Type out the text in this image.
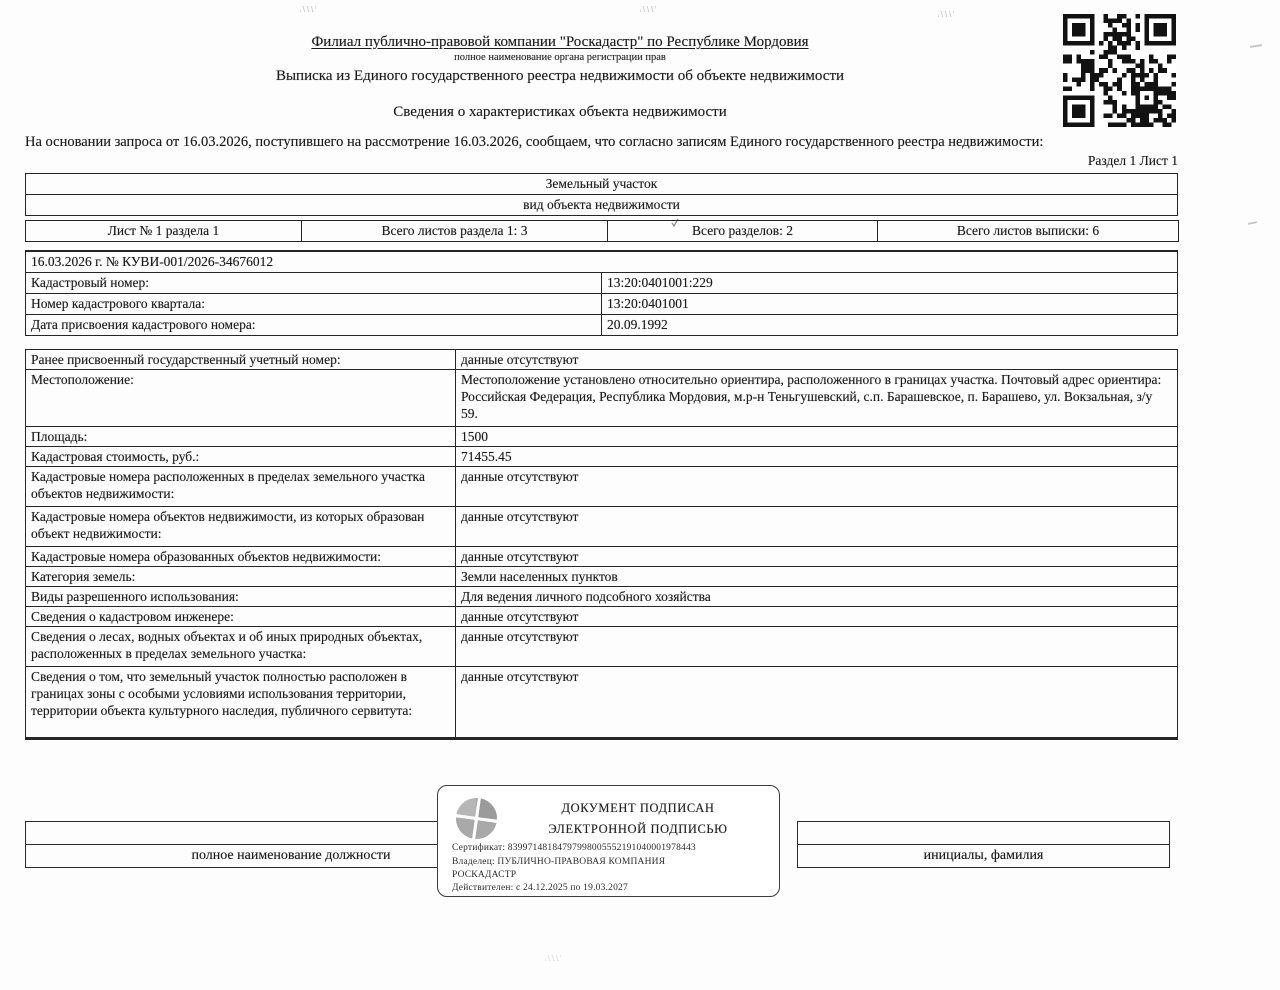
Филиал публично-правовой компании "Роскадастр" по Республике Мордовия
полное наименование органа регистрации прав
Выписка из Единого государственного реестра недвижимости об объекте недвижимости
Сведения о характеристиках объекта недвижимости
На основании запроса от 16.03.2026, поступившего на рассмотрение 16.03.2026, сообщаем, что согласно записям Единого государственного реестра недвижимости:
Раздел 1 Лист 1
Земельный участок
вид объекта недвижимости
Лист № 1 раздела 1	Всего листов раздела 1: 3	Всего разделов: 2	Всего листов выписки: 6
16.03.2026 г. № КУВИ-001/2026-34676012	
Кадастровый номер:	13:20:0401001:229
Номер кадастрового квартала:	13:20:0401001
Дата присвоения кадастрового номера:	20.09.1992
Ранее присвоенный государственный учетный номер:	данные отсутствуют
Местоположение:	Местоположение установлено относительно ориентира, расположенного в границах участка. Почтовый адрес ориентира: Российская Федерация, Республика Мордовия, м.р-н Теньгушевский, с.п. Барашевское, п. Барашево, ул. Вокзальная, з/у 59.
Площадь:	1500
Кадастровая стоимость, руб.:	71455.45
Кадастровые номера расположенных в пределах земельного участка объектов недвижимости:	данные отсутствуют
Кадастровые номера объектов недвижимости, из которых образован объект недвижимости:	данные отсутствуют
Кадастровые номера образованных объектов недвижимости:	данные отсутствуют
Категория земель:	Земли населенных пунктов
Виды разрешенного использования:	Для ведения личного подсобного хозяйства
Сведения о кадастровом инженере:	данные отсутствуют
Сведения о лесах, водных объектах и об иных природных объектах, расположенных в пределах земельного участка:	данные отсутствуют
Сведения о том, что земельный участок полностью расположен в границах зоны с особыми условиями использования территории, территории объекта культурного наследия, публичного сервитута:	данные отсутствуют
полное наименование должности	инициалы, фамилия
ДОКУМЕНТ ПОДПИСАН
ЭЛЕКТРОННОЙ ПОДПИСЬЮ
Сертификат: 83997148184797998005552191040001978443
Владелец: ПУБЛИЧНО-ПРАВОВАЯ КОМПАНИЯ
РОСКАДАСТР
Действителен: с 24.12.2025 по 19.03.2027
